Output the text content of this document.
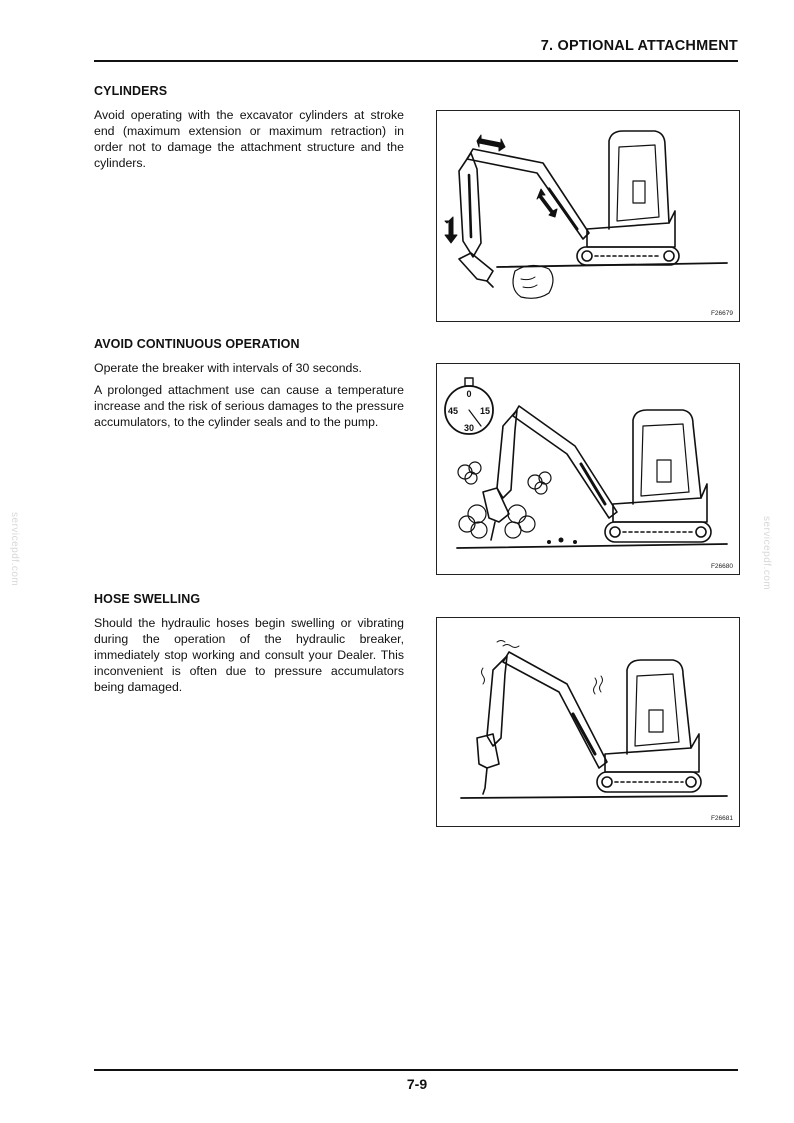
7. OPTIONAL ATTACHMENT
servicepdf.com	servicepdf.com
CYLINDERS

Avoid operating with the excavator cylinders at stroke end (maximum extension or maximum retraction) in order not to damage the attachment structure and the cylinders.

F26679
AVOID CONTINUOUS OPERATION

Operate the breaker with intervals of 30 seconds.

A prolonged attachment use can cause a temperature increase and the risk of serious damages to the pressure accumulators, to the cylinder seals and to the pump.

0
15
30
45
F26680
HOSE SWELLING

Should the hydraulic hoses begin swelling or vibrating during the operation of the hydraulic breaker, immediately stop working and consult your Dealer. This inconvenient is often due to pressure accumulators being damaged.

F26681
7-9
